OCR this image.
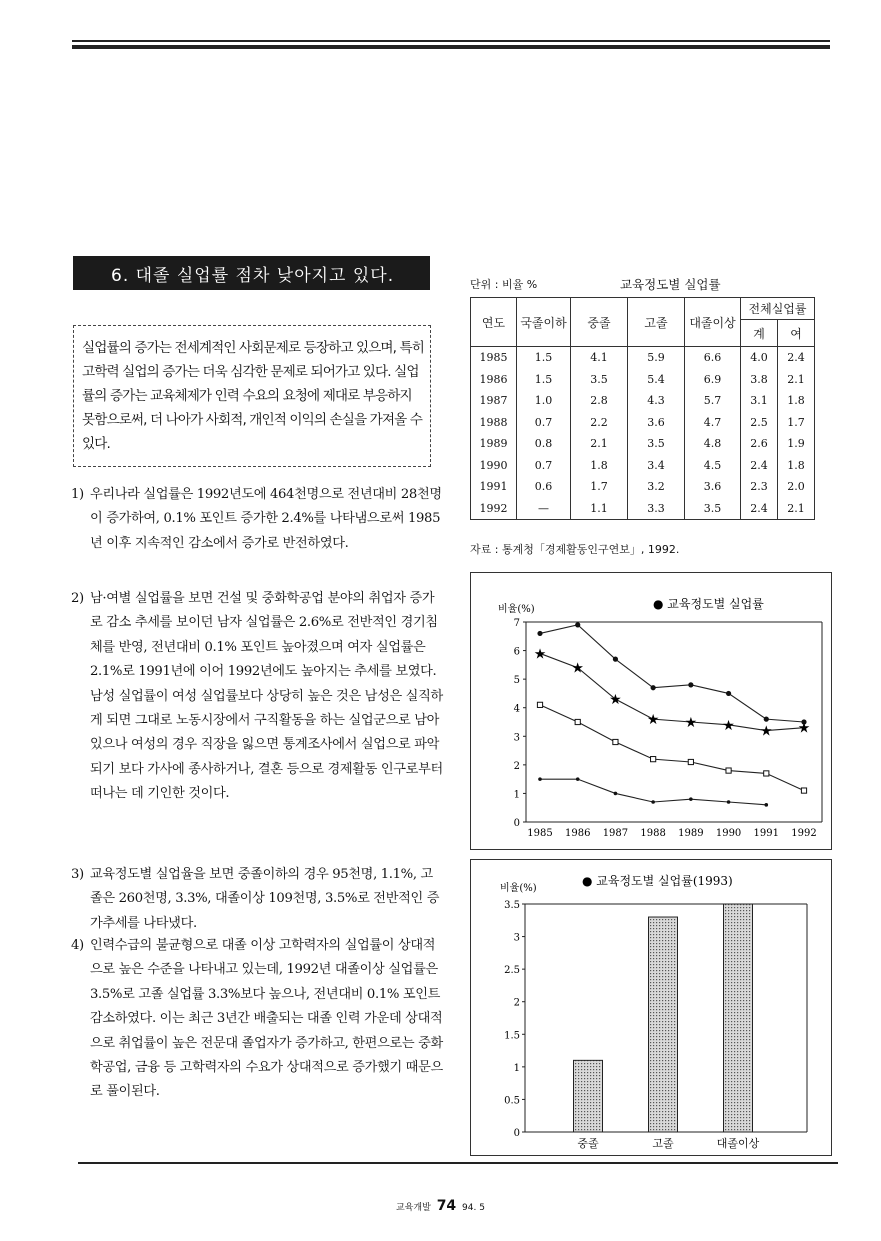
6. 대졸 실업률 점차 낮아지고 있다.
실업률의 증가는 전세계적인 사회문제로 등장하고 있으며, 특히 고학력 실업의 증가는 더욱 심각한 문제로 되어가고 있다. 실업률의 증가는 교육체제가 인력 수요의 요청에 제대로 부응하지 못함으로써, 더 나아가 사회적, 개인적 이익의 손실을 가져올 수 있다.
1) 우리나라 실업률은 1992년도에 464천명으로 전년대비 28천명이 증가하여, 0.1% 포인트 증가한 2.4%를 나타냄으로써 1985년 이후 지속적인 감소에서 증가로 반전하였다.
2) 남·여별 실업률을 보면 건설 및 중화학공업 분야의 취업자 증가로 감소 추세를 보이던 남자 실업률은 2.6%로 전반적인 경기침체를 반영, 전년대비 0.1% 포인트 높아졌으며 여자 실업률은 2.1%로 1991년에 이어 1992년에도 높아지는 추세를 보였다. 남성 실업률이 여성 실업률보다 상당히 높은 것은 남성은 실직하게 되면 그대로 노동시장에서 구직활동을 하는 실업군으로 남아있으나 여성의 경우 직장을 잃으면 통계조사에서 실업으로 파악되기 보다 가사에 종사하거나, 결혼 등으로 경제활동 인구로부터 떠나는 데 기인한 것이다.
3) 교육정도별 실업율을 보면 중졸이하의 경우 95천명, 1.1%, 고졸은 260천명, 3.3%, 대졸이상 109천명, 3.5%로 전반적인 증가추세를 나타냈다.
4) 인력수급의 불균형으로 대졸 이상 고학력자의 실업률이 상대적으로 높은 수준을 나타내고 있는데, 1992년 대졸이상 실업률은 3.5%로 고졸 실업률 3.3%보다 높으나, 전년대비 0.1% 포인트 감소하였다. 이는 최근 3년간 배출되는 대졸 인력 가운데 상대적으로 취업률이 높은 전문대 졸업자가 증가하고, 한편으로는 중화학공업, 금융 등 고학력자의 수요가 상대적으로 증가했기 때문으로 풀이된다.
단위 : 비율 %	교육정도별 실업률
연도	국졸이하	중졸	고졸	대졸이상	전체실업률	
					계	여
1985	1.5	4.1	5.9	6.6	4.0	2.4
1986	1.5	3.5	5.4	6.9	3.8	2.1
1987	1.0	2.8	4.3	5.7	3.1	1.8
1988	0.7	2.2	3.6	4.7	2.5	1.7
1989	0.8	2.1	3.5	4.8	2.6	1.9
1990	0.7	1.8	3.4	4.5	2.4	1.8
1991	0.6	1.7	3.2	3.6	2.3	2.0
1992	—	1.1	3.3	3.5	2.4	2.1
자료 : 통계청「경제활동인구연보」, 1992.
● 교육정도별 실업률
비율(%)
0
1
2
3
4
5
6
7
1985 1986 1987 1988 1989 1990 1991 1992
★
★
★
★ ★ ★ ★ ★
● 교육정도별 실업률(1993)
비율(%)
0
0.5
1
1.5
2
2.5
3
3.5
중졸	고졸	대졸이상
교육개발 74 94. 5
